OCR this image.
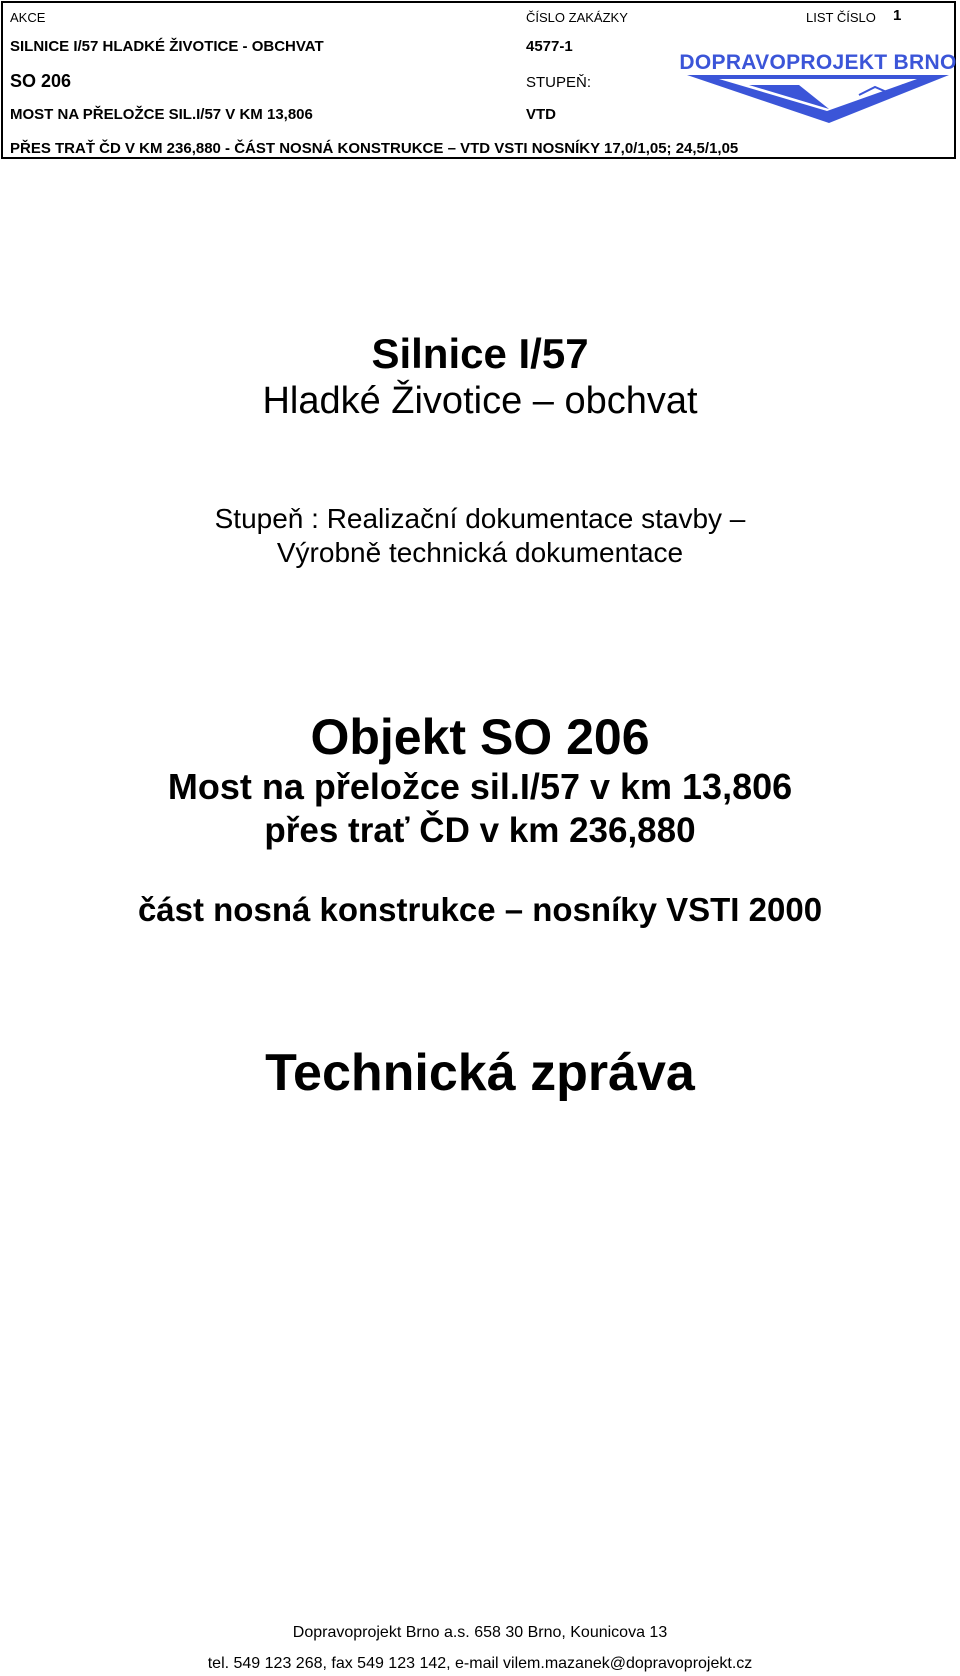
AKCE	ČÍSLO ZAKÁZKY	LIST ČÍSLO 1
SILNICE I/57 HLADKÉ ŽIVOTICE - OBCHVAT	4577-1
SO 206	STUPEŇ:
MOST NA PŘELOŽCE SIL.I/57 V KM 13,806	VTD
PŘES TRAŤ ČD V KM 236,880 - ČÁST NOSNÁ KONSTRUKCE – VTD VSTI NOSNÍKY 17,0/1,05; 24,5/1,05
DOPRAVOPROJEKT BRNO
Silnice I/57
Hladké Životice – obchvat
Stupeň : Realizační dokumentace stavby –
Výrobně technická dokumentace
Objekt SO 206
Most na přeložce sil.I/57 v km 13,806
přes trať ČD v km 236,880
část nosná konstrukce – nosníky VSTI 2000
Technická zpráva
Dopravoprojekt Brno a.s. 658 30 Brno, Kounicova 13
tel. 549 123 268, fax 549 123 142, e-mail vilem.mazanek@dopravoprojekt.cz
